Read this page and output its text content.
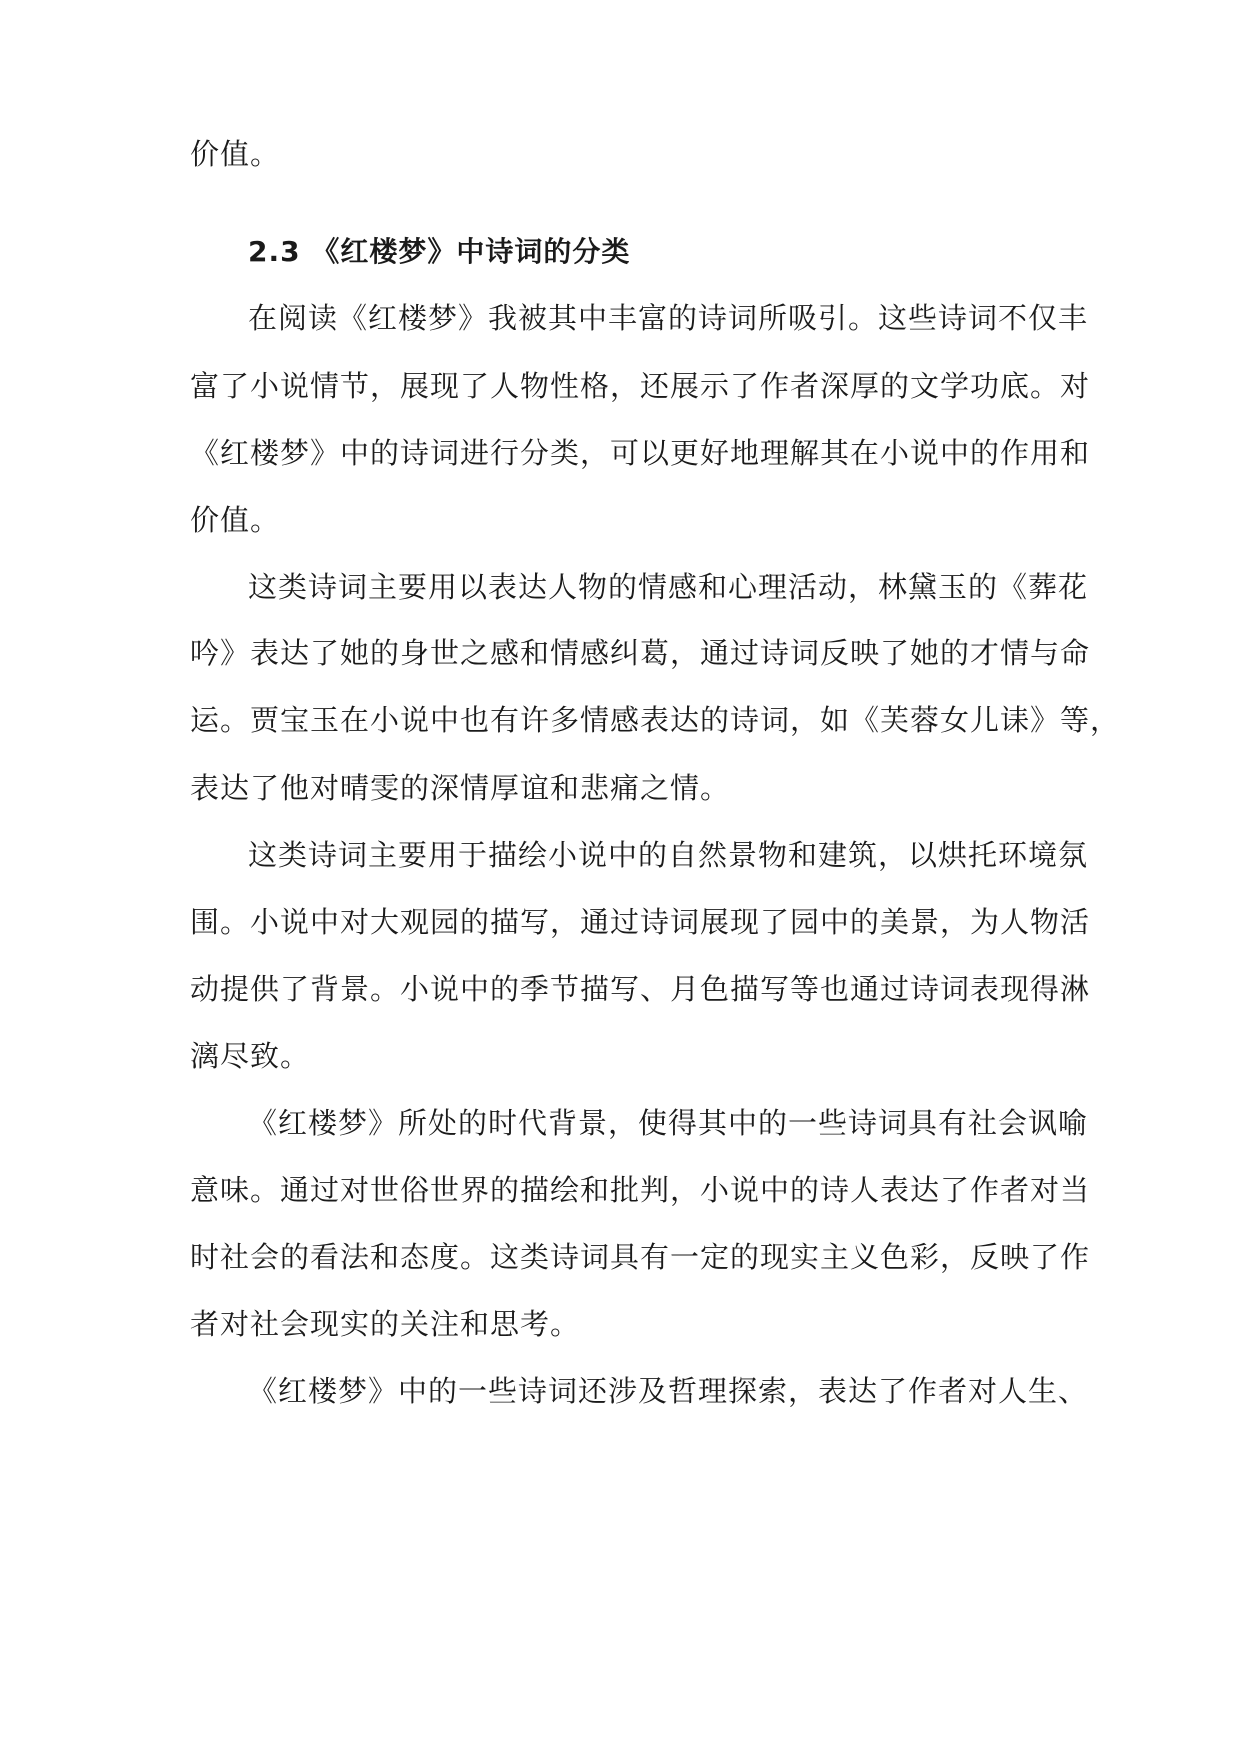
价值。
2.3 《红楼梦》中诗词的分类
在阅读《红楼梦》我被其中丰富的诗词所吸引。这些诗词不仅丰
富了小说情节，展现了人物性格，还展示了作者深厚的文学功底。对
《红楼梦》中的诗词进行分类，可以更好地理解其在小说中的作用和
价值。
这类诗词主要用以表达人物的情感和心理活动，林黛玉的《葬花
吟》表达了她的身世之感和情感纠葛，通过诗词反映了她的才情与命
运。贾宝玉在小说中也有许多情感表达的诗词，如《芙蓉女儿诔》等，
表达了他对晴雯的深情厚谊和悲痛之情。
这类诗词主要用于描绘小说中的自然景物和建筑，以烘托环境氛
围。小说中对大观园的描写，通过诗词展现了园中的美景，为人物活
动提供了背景。小说中的季节描写、月色描写等也通过诗词表现得淋
漓尽致。
《红楼梦》所处的时代背景，使得其中的一些诗词具有社会讽喻
意味。通过对世俗世界的描绘和批判，小说中的诗人表达了作者对当
时社会的看法和态度。这类诗词具有一定的现实主义色彩，反映了作
者对社会现实的关注和思考。
《红楼梦》中的一些诗词还涉及哲理探索，表达了作者对人生、
